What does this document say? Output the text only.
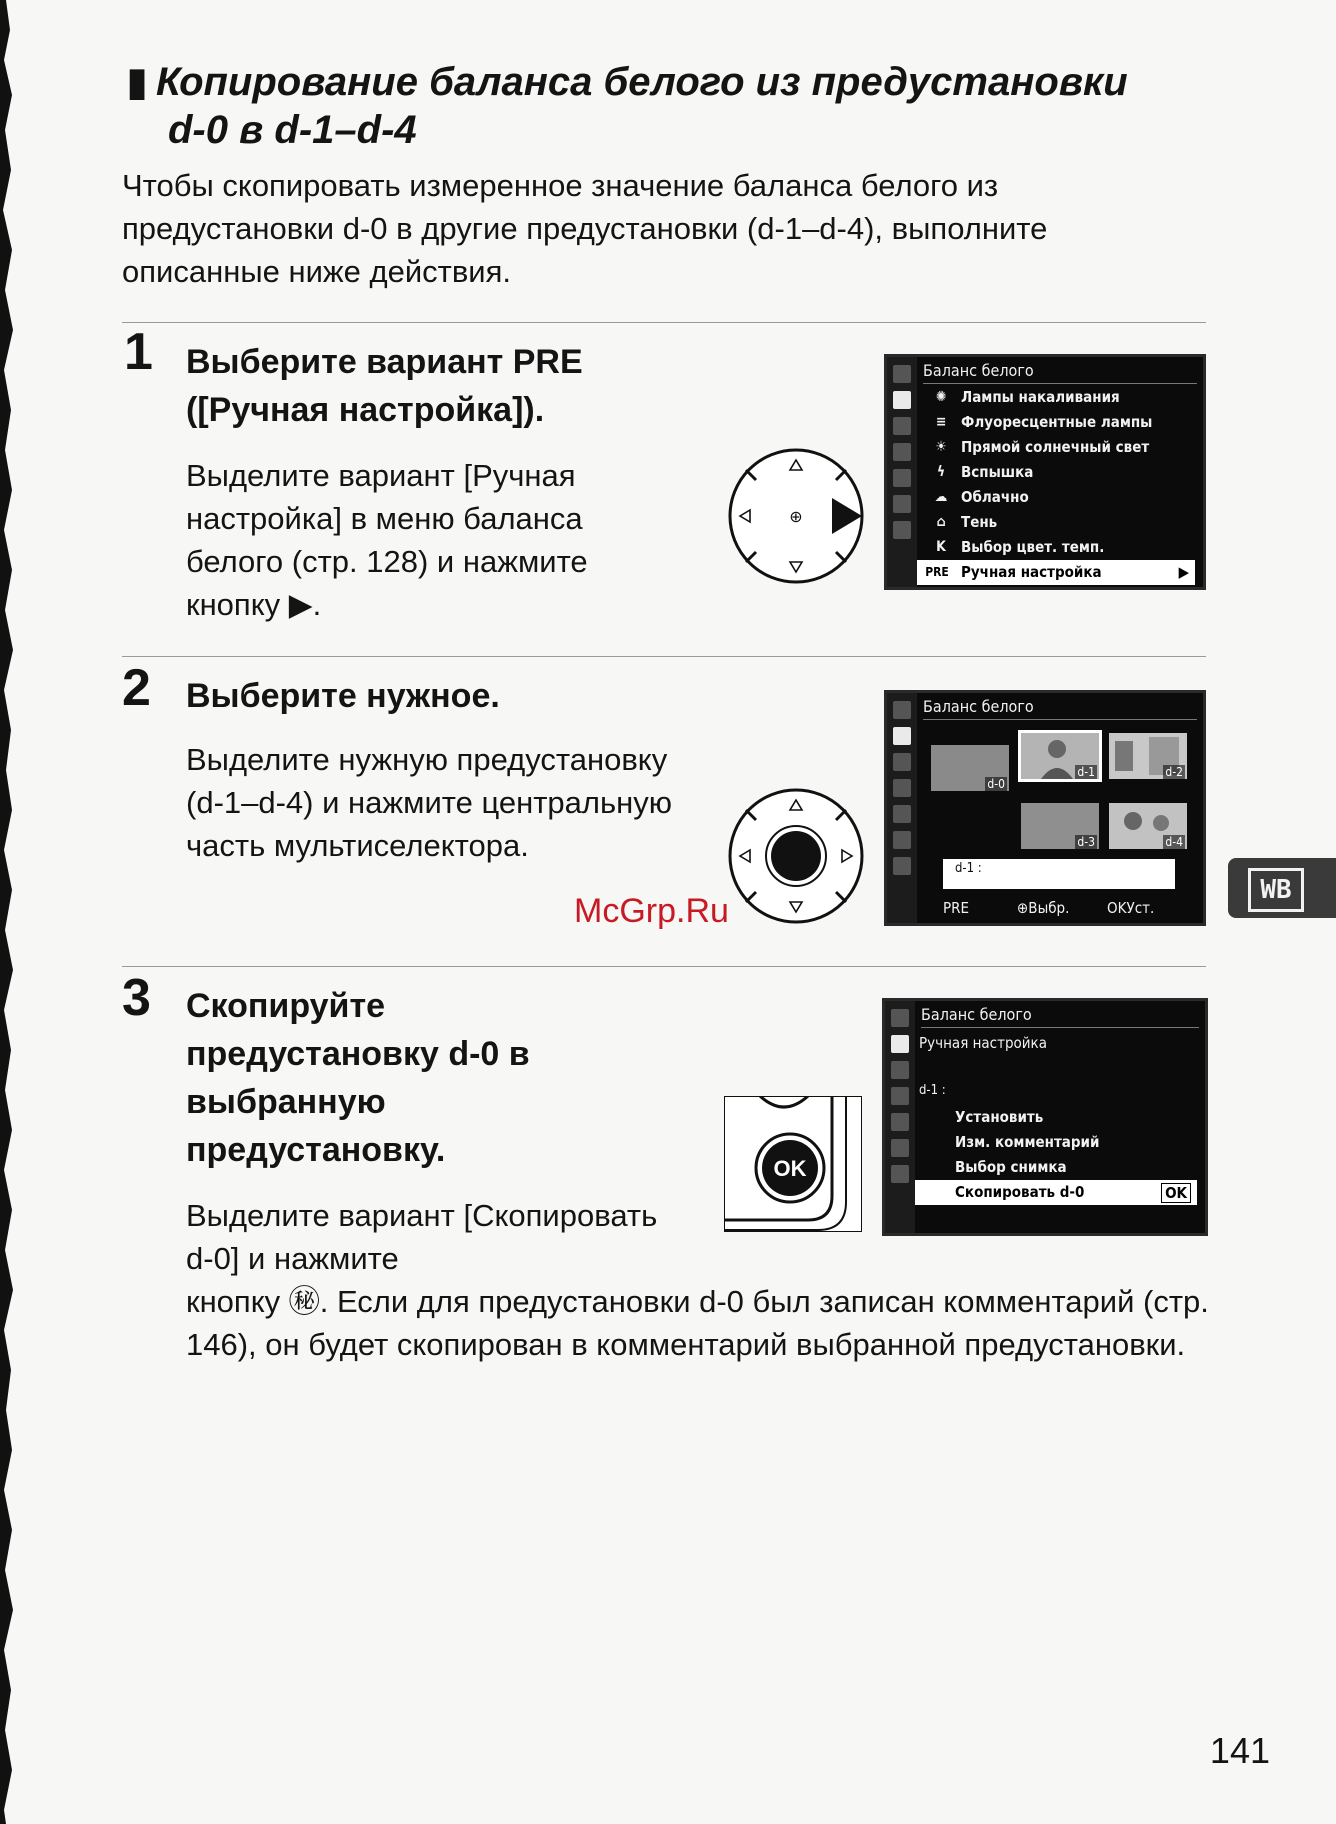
▮ Копирование баланса белого из предустановки
d-0 в d-1–d-4

Чтобы скопировать измеренное значение баланса белого из предустановки d-0 в другие предустановки (d-1–d-4), выполните описанные ниже действия.

1 Выберите вариант PRE ([Ручная настройка]).

Выделите вариант [Ручная настройка] в меню баланса белого (стр. 128) и нажмите кнопку ▶.

⊕
Баланс белого
✺ Лампы накаливания
≡ Флуоресцентные лампы
☀ Прямой солнечный свет
ϟ	Вспышка
☁ Облачно
⌂	Тень
K	Выбор цвет. темп.
PRE Ручная настройка	▶
2 Выберите нужное.

Выделите нужную предустановку (d-1–d-4) и нажмите центральную часть мультиселектора.

Баланс белого
d-0
d-1	d-2
d-3	d-4
d-1 :
PRE	⊕Выбр.	OKУст.
WB
McGrp.Ru
3 Скопируйте предустановку d-0 в выбранную предустановку.

Выделите вариант [Скопировать d-0] и нажмите

кнопку ㊙. Если для предустановки d-0 был записан комментарий (стр. 146), он будет скопирован в комментарий выбранной предустановки.

OK
Баланс белого
Ручная настройка
d-1 :
Установить
Изм. комментарий
Выбор снимка
Скопировать d-0	OK
141
